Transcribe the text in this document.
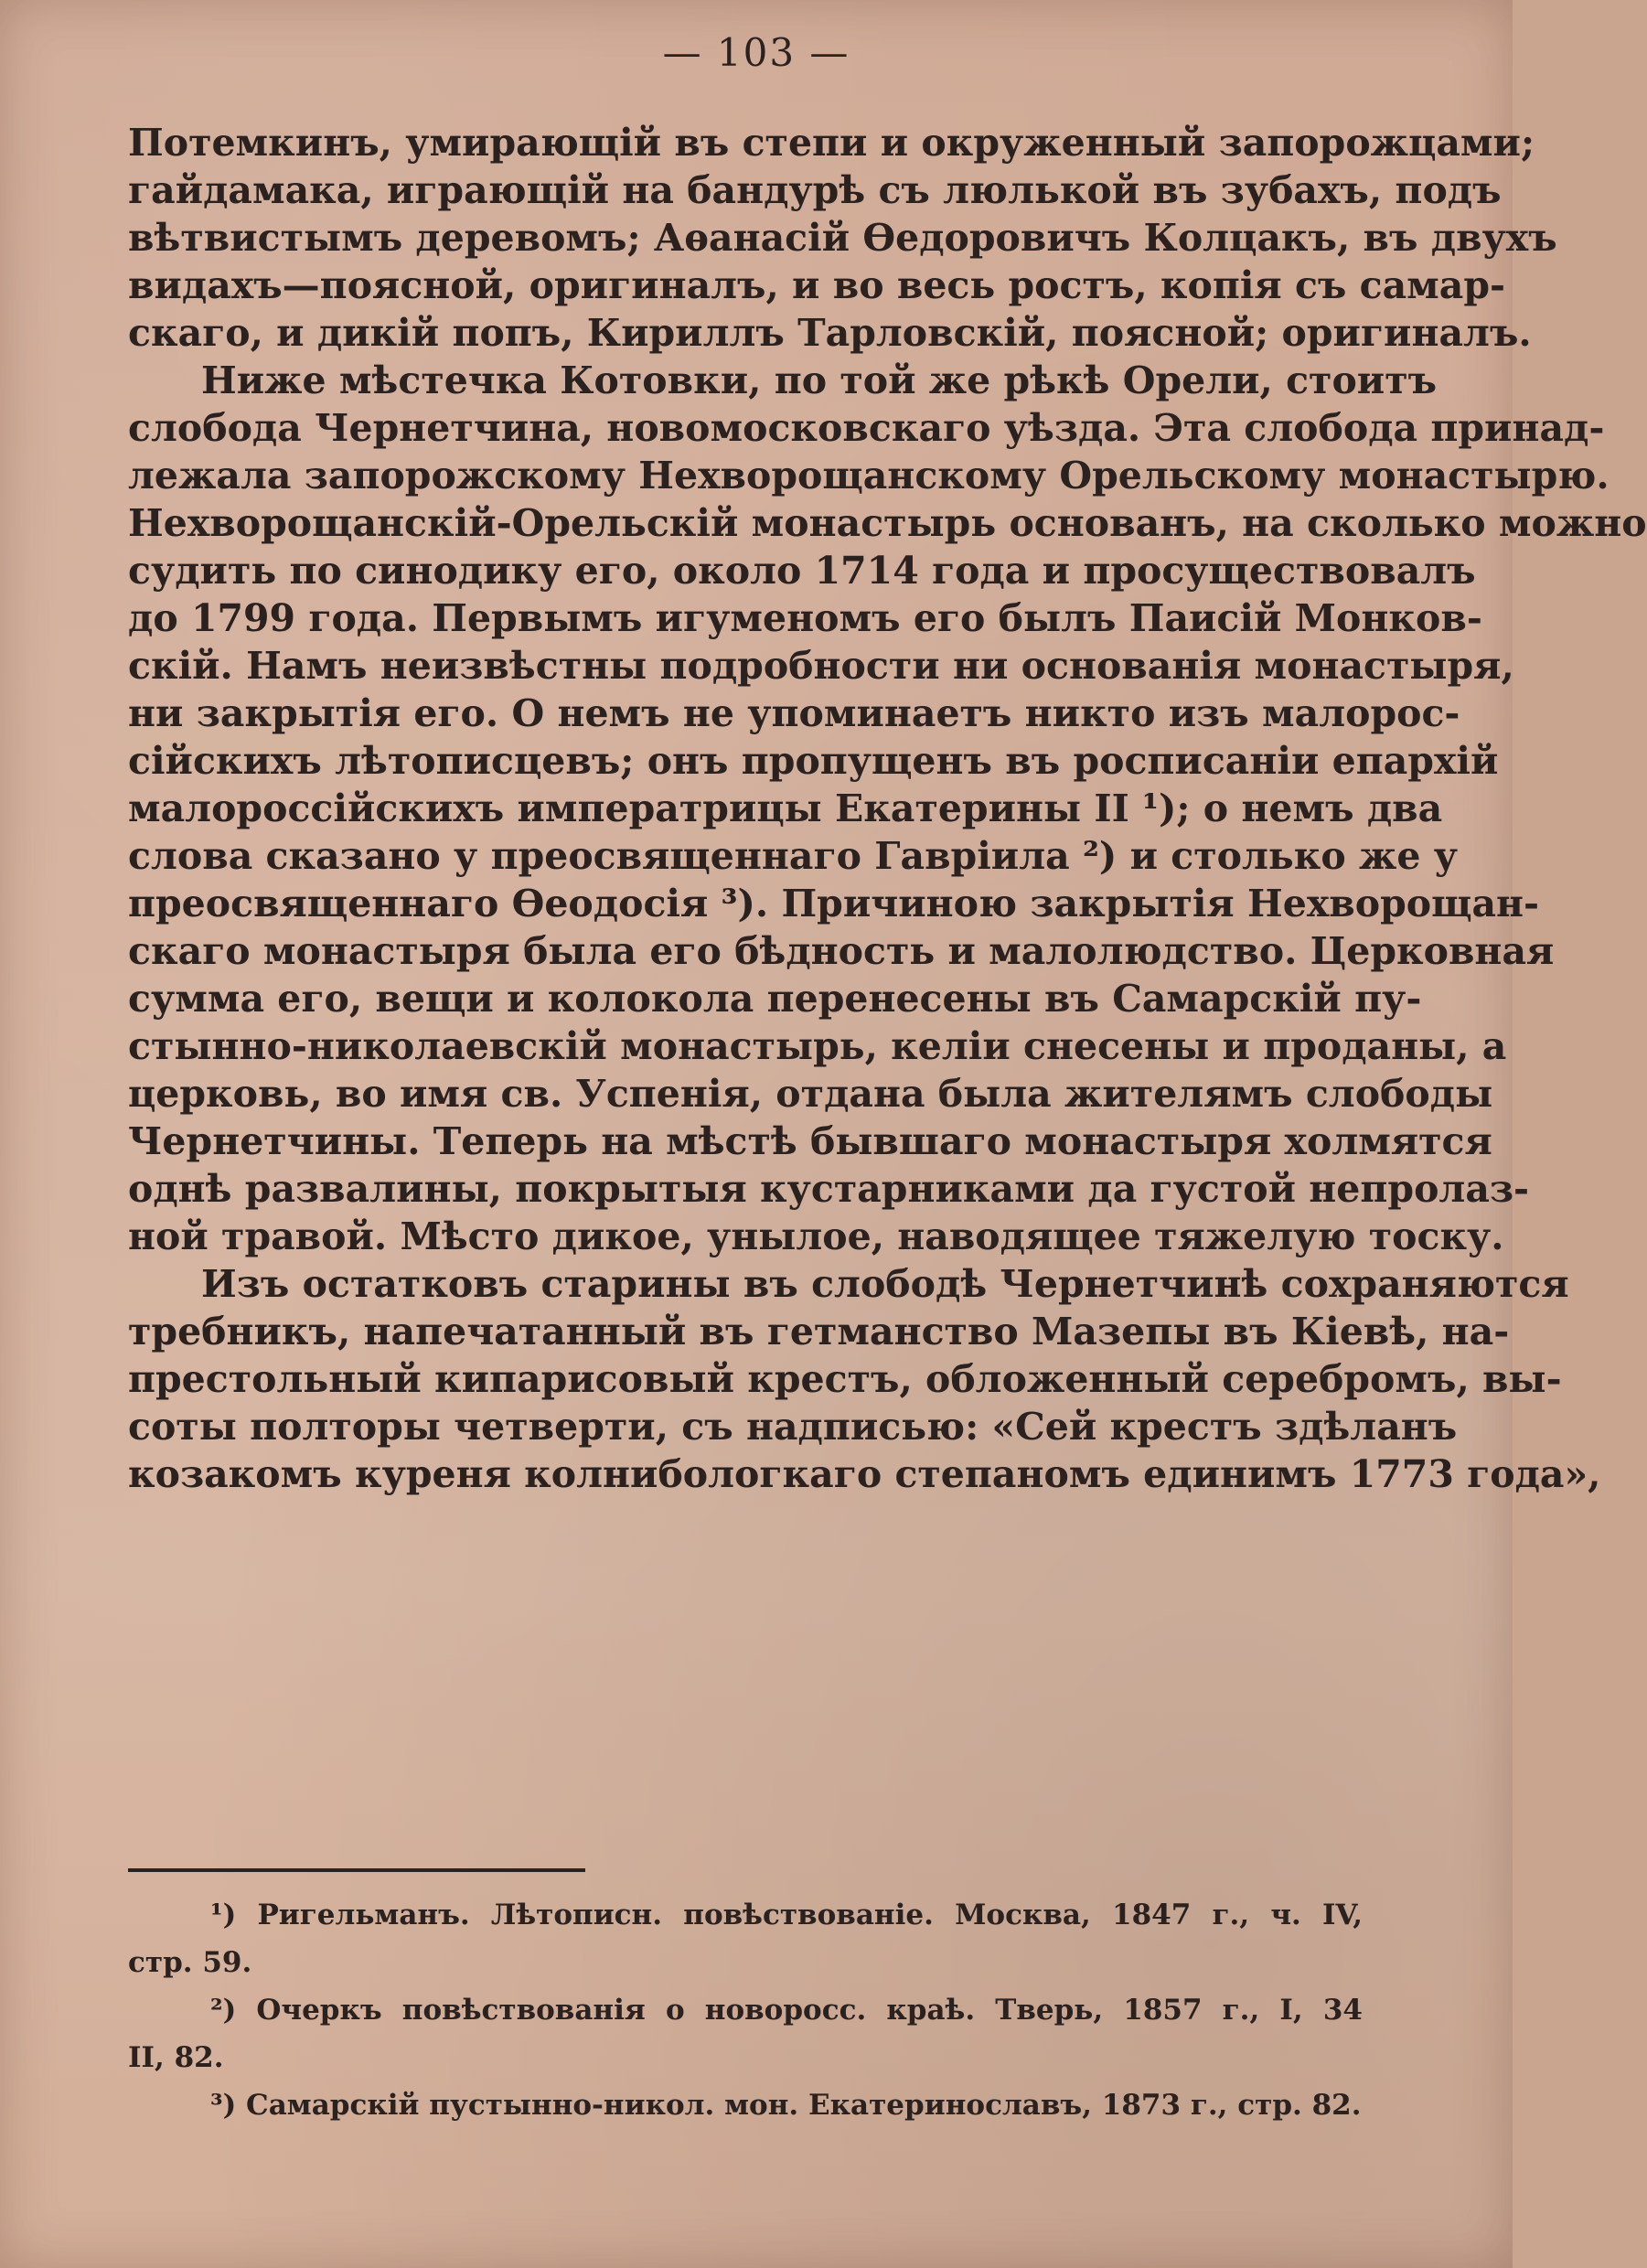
— 103 —
Потемкинъ, умирающій въ степи и окруженный запорожцами;
гайдамака, играющій на бандурѣ съ люлькой въ зубахъ, подъ
вѣтвистымъ деревомъ; Аѳанасій Ѳедоровичъ Колцакъ, въ двухъ
видахъ—поясной, оригиналъ, и во весь ростъ, копія съ самар-
скаго, и дикій попъ, Кириллъ Тарловскій, поясной; оригиналъ.
Ниже мѣстечка Котовки, по той же рѣкѣ Орели, стоитъ
слобода Чернетчина, новомосковскаго уѣзда. Эта слобода принад-
лежала запорожскому Нехворощанскому Орельскому монастырю.
Нехворощанскій-Орельскій монастырь основанъ, на сколько можно
судить по синодику его, около 1714 года и просуществовалъ
до 1799 года. Первымъ игуменомъ его былъ Паисій Монков-
скій. Намъ неизвѣстны подробности ни основанія монастыря,
ни закрытія его. О немъ не упоминаетъ никто изъ малорос-
сійскихъ лѣтописцевъ; онъ пропущенъ въ росписаніи епархій
малороссійскихъ императрицы Екатерины II ¹); о немъ два
слова сказано у преосвященнаго Гавріила ²) и столько же у
преосвященнаго Ѳеодосія ³). Причиною закрытія Нехворощан-
скаго монастыря была его бѣдность и малолюдство. Церковная
сумма его, вещи и колокола перенесены въ Самарскій пу-
стынно-николаевскій монастырь, келіи снесены и проданы, а
церковь, во имя св. Успенія, отдана была жителямъ слободы
Чернетчины. Теперь на мѣстѣ бывшаго монастыря холмятся
однѣ развалины, покрытыя кустарниками да густой непролаз-
ной травой. Мѣсто дикое, унылое, наводящее тяжелую тоску.
Изъ остатковъ старины въ слободѣ Чернетчинѣ сохраняются
требникъ, напечатанный въ гетманство Мазепы въ Кіевѣ, на-
престольный кипарисовый крестъ, обложенный серебромъ, вы-
соты полторы четверти, съ надписью: «Сей крестъ здѣланъ
козакомъ куреня колнибологкаго степаномъ единимъ 1773 года»,
¹) Ригельманъ. Лѣтописн. повѣствованіе. Москва, 1847 г., ч. IV,
стр. 59.
²) Очеркъ повѣствованія о новоросс. краѣ. Тверь, 1857 г., I, 34
II, 82.
³) Самарскій пустынно-никол. мон. Екатеринославъ, 1873 г., стр. 82.
